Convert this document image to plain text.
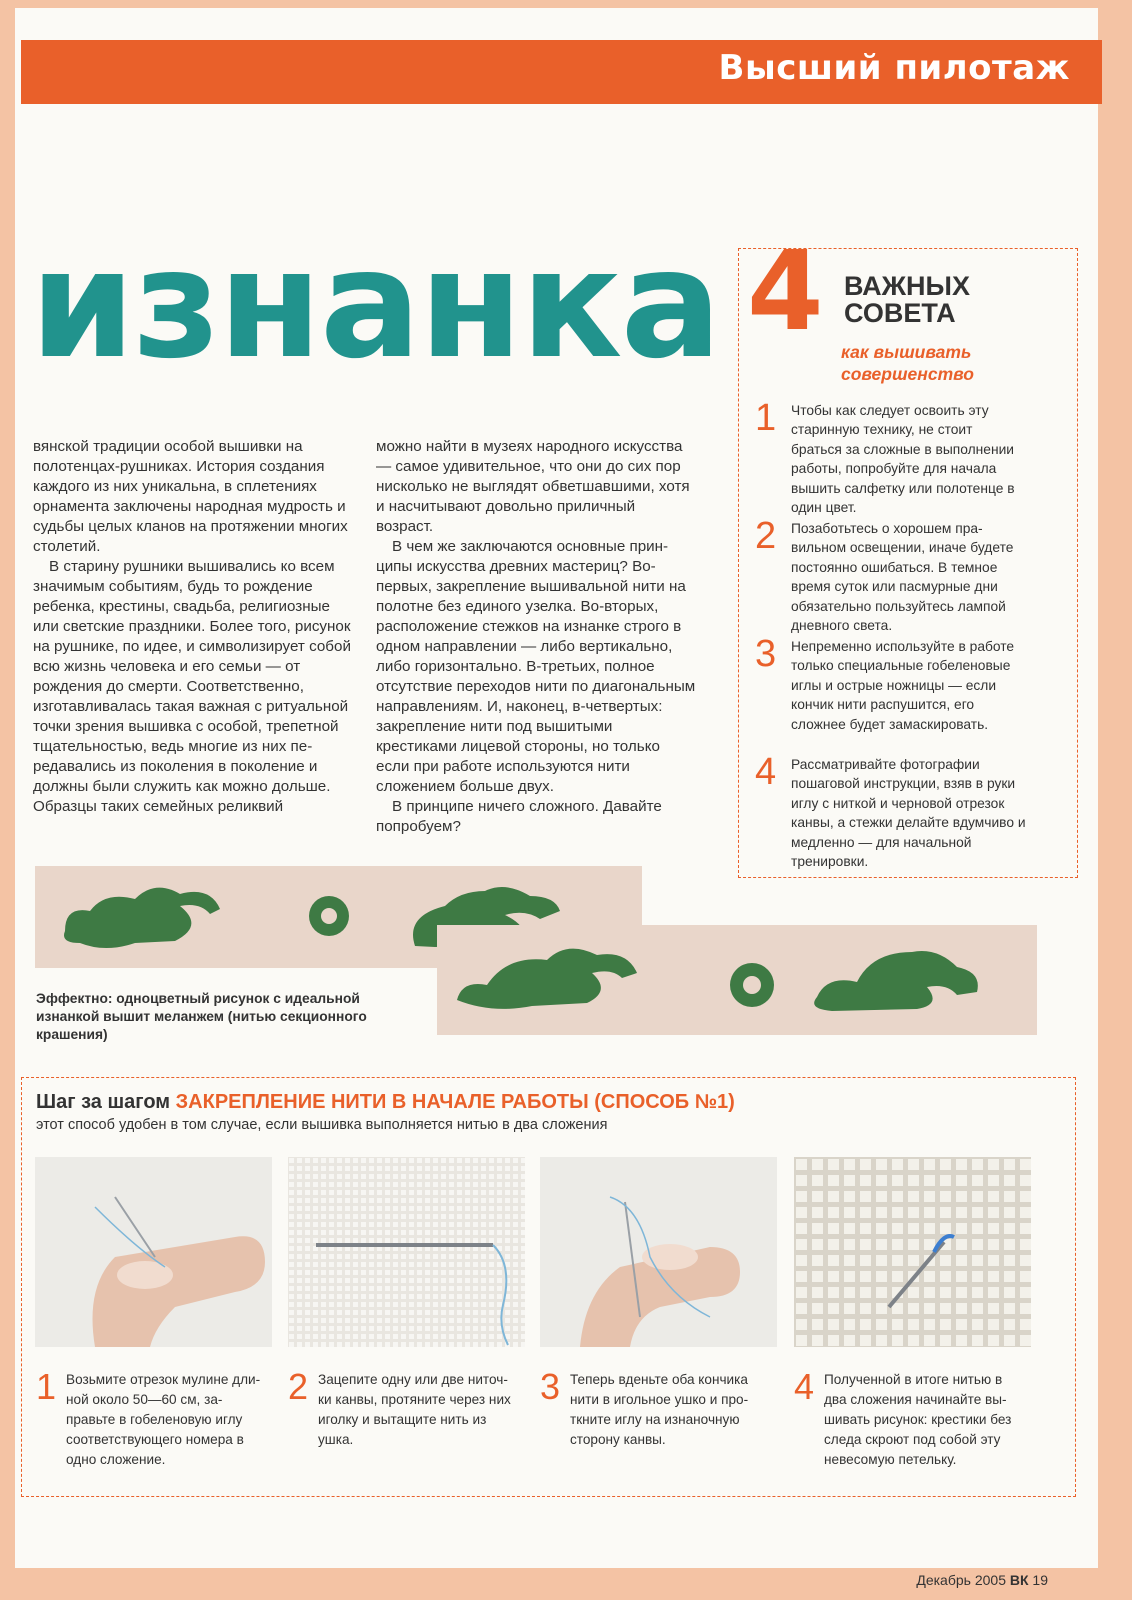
Высший пилотаж
изнанка

вянской традиции особой вышивки на полотенцах-рушниках. История создания каждого из них уникальна, в сплетениях орнамента заключены народная мудрость и судьбы целых кланов на протяжении многих столетий.

В старину рушники вышивались ко всем значимым событиям, будь то рождение ребенка, крестины, свадьба, религиозные или светские праздники. Более того, рисунок на рушнике, по идее, и символизирует собой всю жизнь человека и его семьи — от рождения до смерти. Соответственно, изготавливалась такая важная с ритуальной точки зрения вышивка с особой, трепетной тщательностью, ведь многие из них передавались из поколения в поколение и должны были служить как можно дольше. Образцы таких семейных реликвий

можно найти в музеях народного искусства — самое удивительное, что они до сих пор нисколько не выглядят обветшавшими, хотя и насчитывают довольно приличный возраст.

В чем же заключаются основные принципы искусства древних мастериц? Во-первых, закрепление вышивальной нити на полотне без единого узелка. Во-вторых, расположение стежков на изнанке строго в одном направлении — либо вертикально, либо горизонтально. В-третьих, полное отсутствие переходов нити по диагональным направлениям. И, наконец, в-четвертых: закрепление нити под вышитыми крестиками лицевой стороны, но только если при работе используются нити сложением больше двух.

В принципе ничего сложного. Давайте попробуем?

4 ВАЖНЫХ
СОВЕТА
как вышивать
совершенство
1 Чтобы как следует освоить эту старинную технику, не стоит браться за сложные в выполнении работы, попробуйте для начала вышить салфетку или полотенце в один цвет.
2 Позаботьтесь о хорошем правильном освещении, иначе будете постоянно ошибаться. В темное время суток или пасмурные дни обязательно пользуйтесь лампой дневного света.
3 Непременно используйте в работе только специальные гобеленовые иглы и острые ножницы — если кончик нити распушится, его сложнее будет замаскировать.
4 Рассматривайте фотографии пошаговой инструкции, взяв в руки иглу с ниткой и черновой отрезок канвы, а стежки делайте вдумчиво и медленно — для начальной тренировки.
Эффектно: одноцветный рисунок с идеальной изнанкой вышит меланжем (нитью секционного крашения)
Шаг за шагом ЗАКРЕПЛЕНИЕ НИТИ В НАЧАЛЕ РАБОТЫ (СПОСОБ №1)
этот способ удобен в том случае, если вышивка выполняется нитью в два сложения
1 Возьмите отрезок мулине длиной около 50—60 см, заправьте в гобеленовую иглу соответствующего номера в одно сложение.
2 Зацепите одну или две ниточки канвы, протяните через них иголку и вытащите нить из ушка.
3 Теперь вденьте оба кончика нити в игольное ушко и проткните иглу на изнаночную сторону канвы.
4 Полученной в итоге нитью в два сложения начинайте вышивать рисунок: крестики без следа скроют под собой эту невесомую петельку.
Декабрь 2005 ВК 19
